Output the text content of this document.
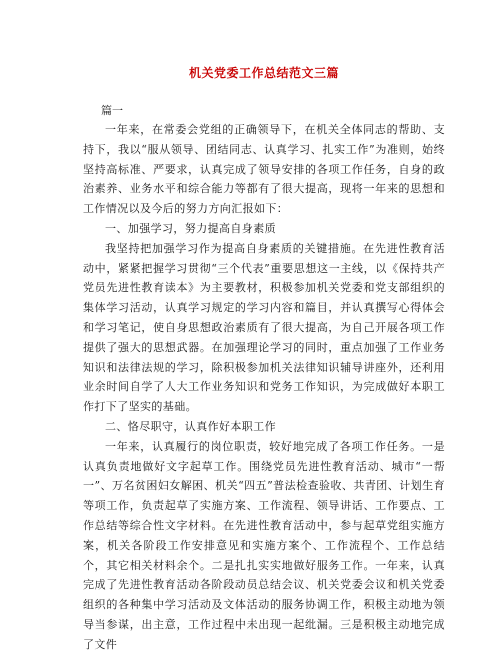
机关党委工作总结范文三篇

篇一

一年来，在常委会党组的正确领导下，在机关全体同志的帮助、支持下，我以“服从领导、团结同志、认真学习、扎实工作”为准则，始终坚持高标准、严要求，认真完成了领导安排的各项工作任务，自身的政治素养、业务水平和综合能力等都有了很大提高，现将一年来的思想和工作情况以及今后的努力方向汇报如下：

一、加强学习，努力提高自身素质

我坚持把加强学习作为提高自身素质的关键措施。在先进性教育活动中，紧紧把握学习贯彻“三个代表”重要思想这一主线，以《保持共产党员先进性教育读本》为主要教材，积极参加机关党委和党支部组织的集体学习活动，认真学习规定的学习内容和篇目，并认真撰写心得体会和学习笔记，使自身思想政治素质有了很大提高，为自己开展各项工作提供了强大的思想武器。在加强理论学习的同时，重点加强了工作业务知识和法律法规的学习，除积极参加机关法律知识辅导讲座外，还利用业余时间自学了人大工作业务知识和党务工作知识，为完成做好本职工作打下了坚实的基础。

二、恪尽职守，认真作好本职工作

一年来，认真履行的岗位职责，较好地完成了各项工作任务。一是认真负责地做好文字起草工作。围绕党员先进性教育活动、城市“一帮一”、万名贫困妇女解困、机关“四五”普法检查验收、共青团、计划生育等项工作，负责起草了实施方案、工作流程、领导讲话、工作要点、工作总结等综合性文字材料。在先进性教育活动中，参与起草党组实施方案，机关各阶段工作安排意见和实施方案个、工作流程个、工作总结个，其它相关材料余个。二是扎扎实实地做好服务工作。一年来，认真完成了先进性教育活动各阶段动员总结会议、机关党委会议和机关党委组织的各种集中学习活动及文体活动的服务协调工作，积极主动地为领导当参谋，出主意，工作过程中未出现一起纰漏。三是积极主动地完成了文件
